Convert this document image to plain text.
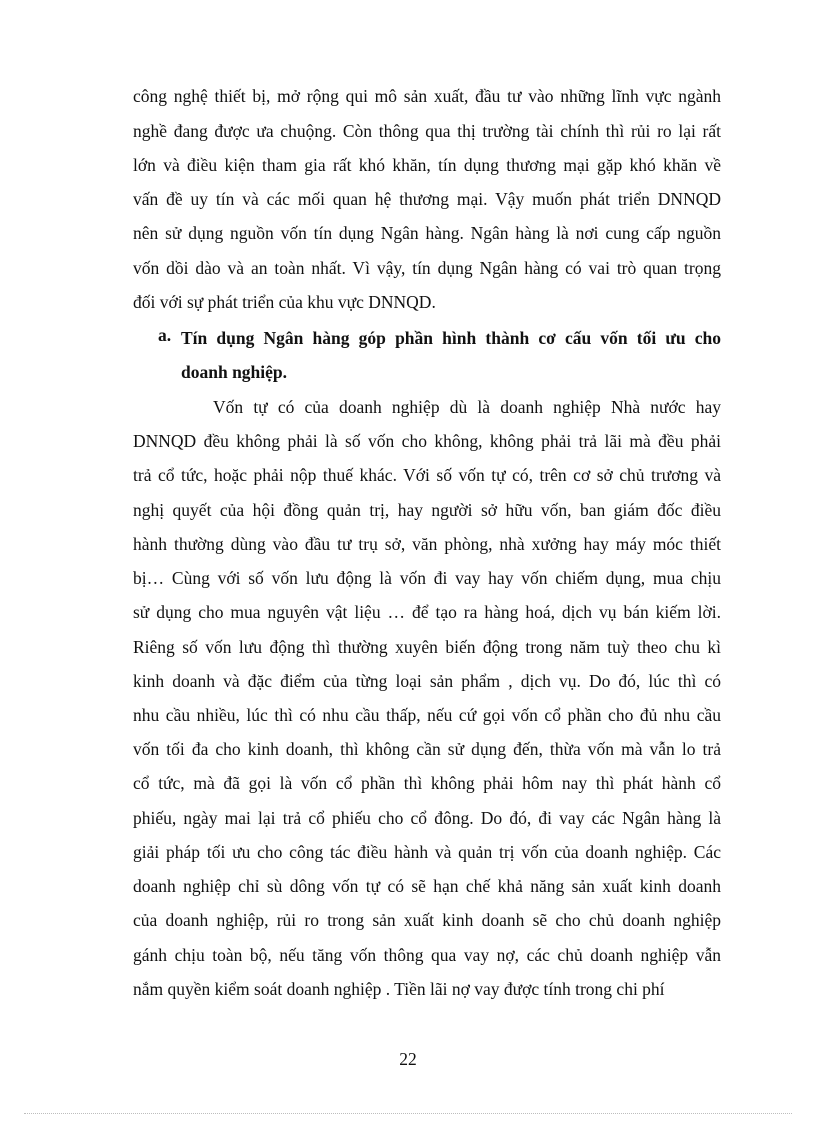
công nghệ thiết bị, mở rộng qui mô sản xuất, đầu tư vào những lĩnh vực ngành
nghề đang được ưa chuộng. Còn thông qua thị trường tài chính thì rủi ro lại rất
lớn và điều kiện tham gia rất khó khăn, tín dụng thương mại gặp khó khăn về
vấn đề uy tín và các mối quan hệ thương mại. Vậy muốn phát triển DNNQD
nên sử dụng nguồn vốn tín dụng Ngân hàng. Ngân hàng là nơi cung cấp nguồn
vốn dồi dào và an toàn nhất. Vì vậy, tín dụng Ngân hàng có vai trò quan trọng
đối với sự phát triển của khu vực DNNQD.
a. Tín dụng Ngân hàng góp phần hình thành cơ cấu vốn tối ưu cho
doanh nghiệp.
Vốn tự có của doanh nghiệp dù là doanh nghiệp Nhà nước hay
DNNQD đều không phải là số vốn cho không, không phải trả lãi mà đều phải
trả cổ tức, hoặc phải nộp thuế khác. Với số vốn tự có, trên cơ sở chủ trương và
nghị quyết của hội đồng quản trị, hay người sở hữu vốn, ban giám đốc điều
hành thường dùng vào đầu tư trụ sở, văn phòng, nhà xưởng hay máy móc thiết
bị… Cùng với số vốn lưu động là vốn đi vay hay vốn chiếm dụng, mua chịu
sử dụng cho mua nguyên vật liệu … để tạo ra hàng hoá, dịch vụ bán kiếm lời.
Riêng số vốn lưu động thì thường xuyên biến động trong năm tuỳ theo chu kì
kinh doanh và đặc điểm của từng loại sản phẩm , dịch vụ. Do đó, lúc thì có
nhu cầu nhiều, lúc thì có nhu cầu thấp, nếu cứ gọi vốn cổ phần cho đủ nhu cầu
vốn tối đa cho kinh doanh, thì không cần sử dụng đến, thừa vốn mà vẫn lo trả
cổ tức, mà đã gọi là vốn cổ phần thì không phải hôm nay thì phát hành cổ
phiếu, ngày mai lại trả cổ phiếu cho cổ đông. Do đó, đi vay các Ngân hàng là
giải pháp tối ưu cho công tác điều hành và quản trị vốn của doanh nghiệp. Các
doanh nghiệp chỉ sù dông vốn tự có sẽ hạn chế khả năng sản xuất kinh doanh
của doanh nghiệp, rủi ro trong sản xuất kinh doanh sẽ cho chủ doanh nghiệp
gánh chịu toàn bộ, nếu tăng vốn thông qua vay nợ, các chủ doanh nghiệp vẫn
nắm quyền kiểm soát doanh nghiệp . Tiền lãi nợ vay được tính trong chi phí
22
